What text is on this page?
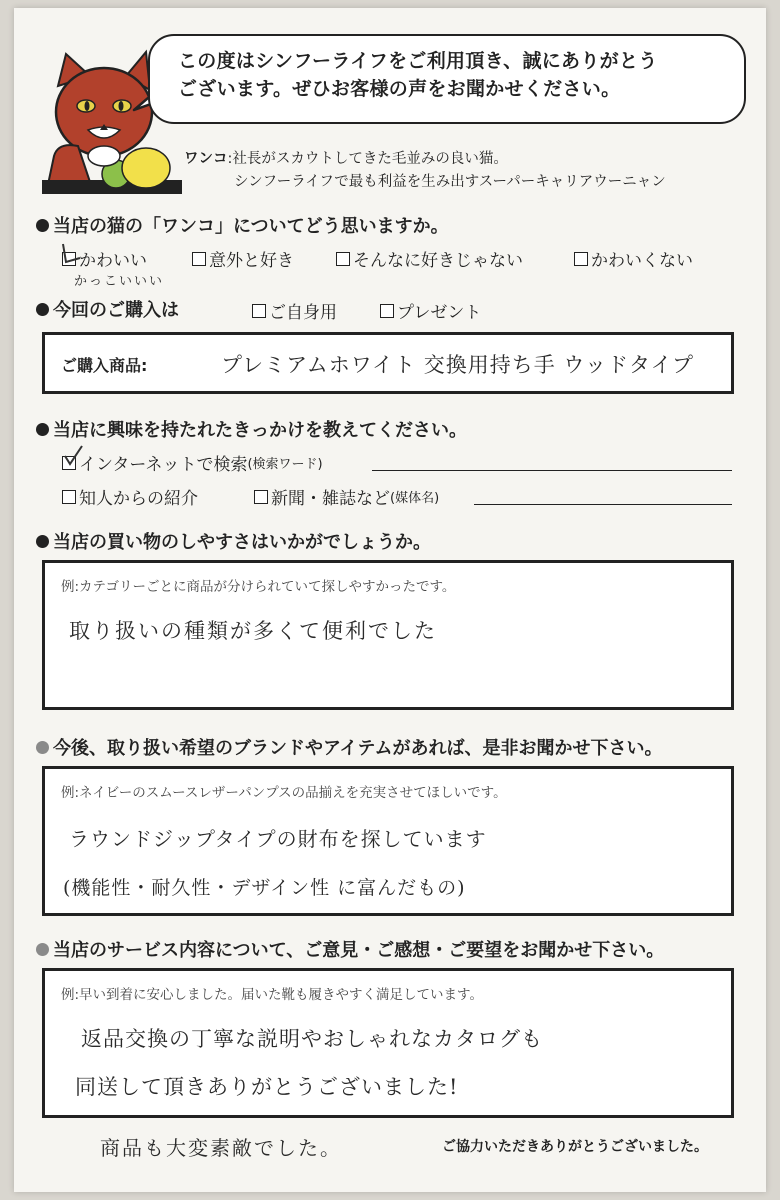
この度はシンフーライフをご利用頂き、誠にありがとう

ございます。ぜひお客様の声をお聞かせください。

ワンコ:社長がスカウトしてきた毛並みの良い猫。
シンフーライフで最も利益を生み出すスーパーキャリアウーニャン
当店の猫の「ワンコ」についてどう思いますか。
かわいい	意外と好き	そんなに好きじゃない	かわいくない
かっこいいい
今回のご購入は	ご自身用	プレゼント
ご購入商品:	プレミアムホワイト 交換用持ち手 ウッドタイプ
当店に興味を持たれたきっかけを教えてください。
インターネットで検索 (検索ワード)
知人からの紹介	新聞・雑誌など (媒体名)
当店の買い物のしやすさはいかがでしょうか。
例:カテゴリーごとに商品が分けられていて探しやすかったです。
取り扱いの種類が多くて便利でした
今後、取り扱い希望のブランドやアイテムがあれば、是非お聞かせ下さい。
例:ネイビーのスムースレザーパンプスの品揃えを充実させてほしいです。
ラウンドジップタイプの財布を探しています
(機能性・耐久性・デザイン性 に富んだもの)
当店のサービス内容について、ご意見・ご感想・ご要望をお聞かせ下さい。
例:早い到着に安心しました。届いた靴も履きやすく満足しています。
返品交換の丁寧な説明やおしゃれなカタログも
同送して頂きありがとうございました!
商品も大変素敵でした。	ご協力いただきありがとうございました。
